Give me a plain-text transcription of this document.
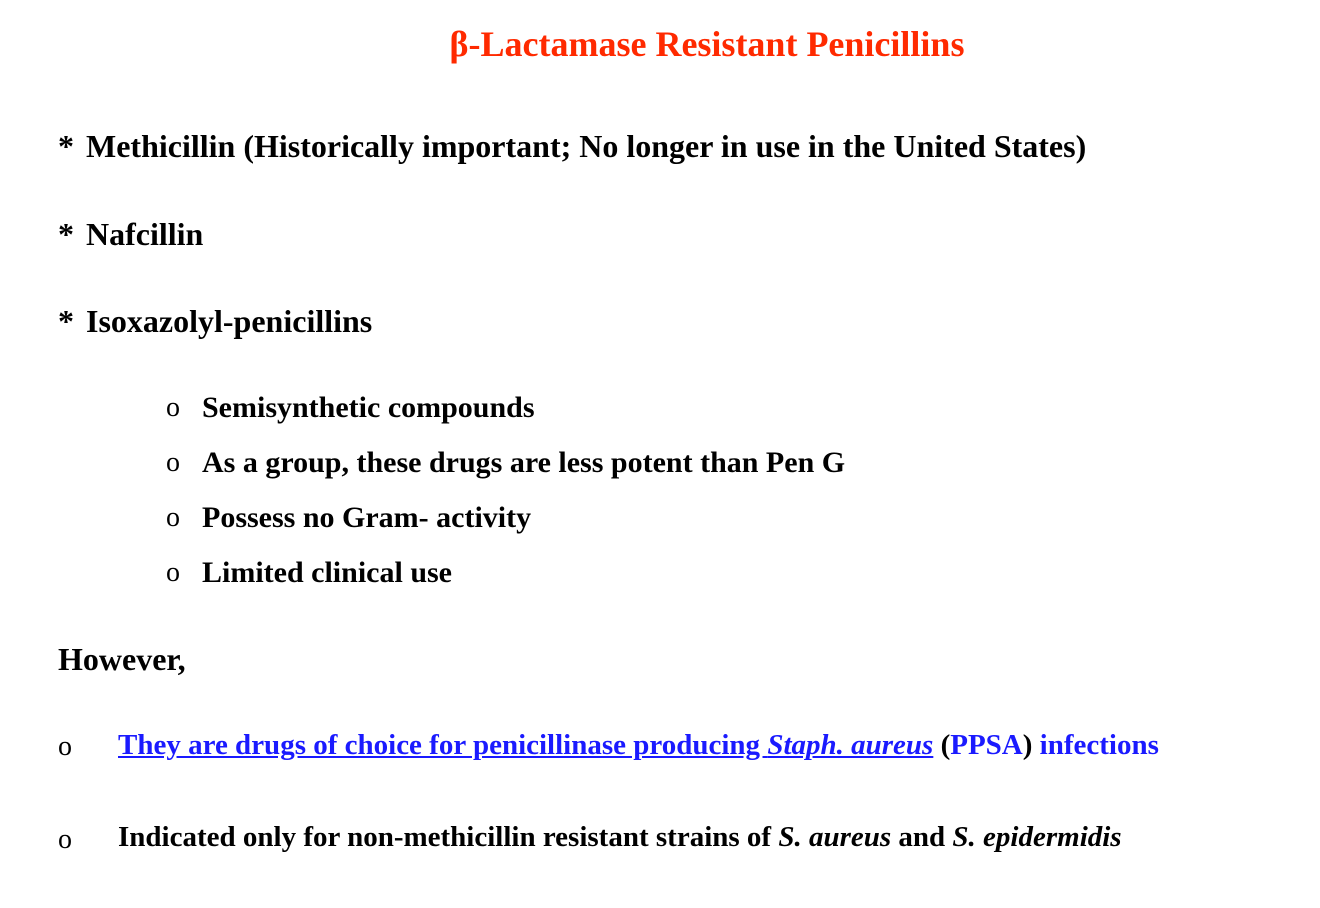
β-Lactamase Resistant Penicillins
* Methicillin (Historically important; No longer in use in the United States)
* Nafcillin
* Isoxazolyl-penicillins
o Semisynthetic compounds
o As a group, these drugs are less potent than Pen G
o Possess no Gram- activity
o Limited clinical use
However,
o They are drugs of choice for penicillinase producing Staph. aureus (PPSA) infections
o Indicated only for non-methicillin resistant strains of S. aureus and S. epidermidis
